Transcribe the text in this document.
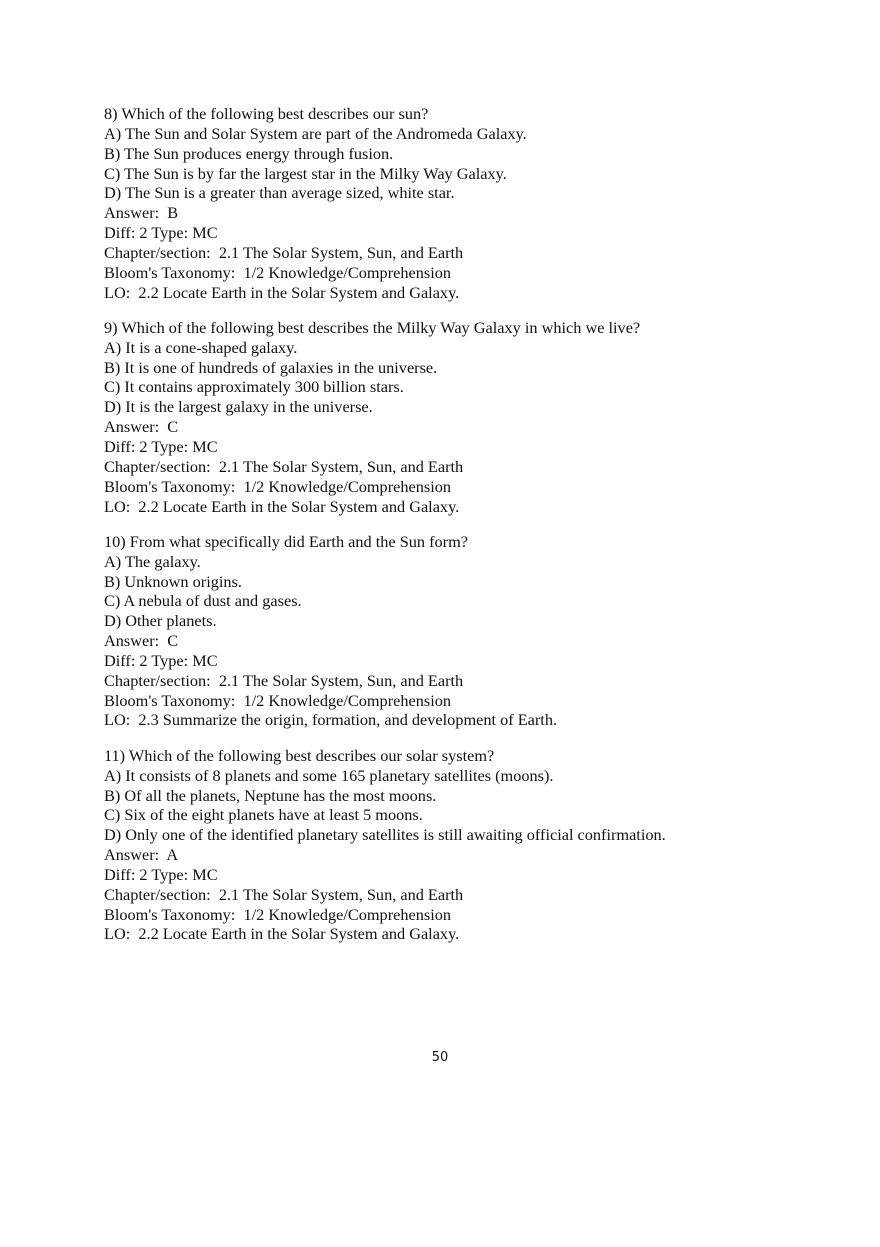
8) Which of the following best describes our sun?
A) The Sun and Solar System are part of the Andromeda Galaxy.
B) The Sun produces energy through fusion.
C) The Sun is by far the largest star in the Milky Way Galaxy.
D) The Sun is a greater than average sized, white star.
Answer:  B
Diff: 2 Type: MC
Chapter/section:  2.1 The Solar System, Sun, and Earth
Bloom's Taxonomy:  1/2 Knowledge/Comprehension
LO:  2.2 Locate Earth in the Solar System and Galaxy.
9) Which of the following best describes the Milky Way Galaxy in which we live?
A) It is a cone-shaped galaxy.
B) It is one of hundreds of galaxies in the universe.
C) It contains approximately 300 billion stars.
D) It is the largest galaxy in the universe.
Answer:  C
Diff: 2 Type: MC
Chapter/section:  2.1 The Solar System, Sun, and Earth
Bloom's Taxonomy:  1/2 Knowledge/Comprehension
LO:  2.2 Locate Earth in the Solar System and Galaxy.
10) From what specifically did Earth and the Sun form?
A) The galaxy.
B) Unknown origins.
C) A nebula of dust and gases.
D) Other planets.
Answer:  C
Diff: 2 Type: MC
Chapter/section:  2.1 The Solar System, Sun, and Earth
Bloom's Taxonomy:  1/2 Knowledge/Comprehension
LO:  2.3 Summarize the origin, formation, and development of Earth.
11) Which of the following best describes our solar system?
A) It consists of 8 planets and some 165 planetary satellites (moons).
B) Of all the planets, Neptune has the most moons.
C) Six of the eight planets have at least 5 moons.
D) Only one of the identified planetary satellites is still awaiting official confirmation.
Answer:  A
Diff: 2 Type: MC
Chapter/section:  2.1 The Solar System, Sun, and Earth
Bloom's Taxonomy:  1/2 Knowledge/Comprehension
LO:  2.2 Locate Earth in the Solar System and Galaxy.
50
